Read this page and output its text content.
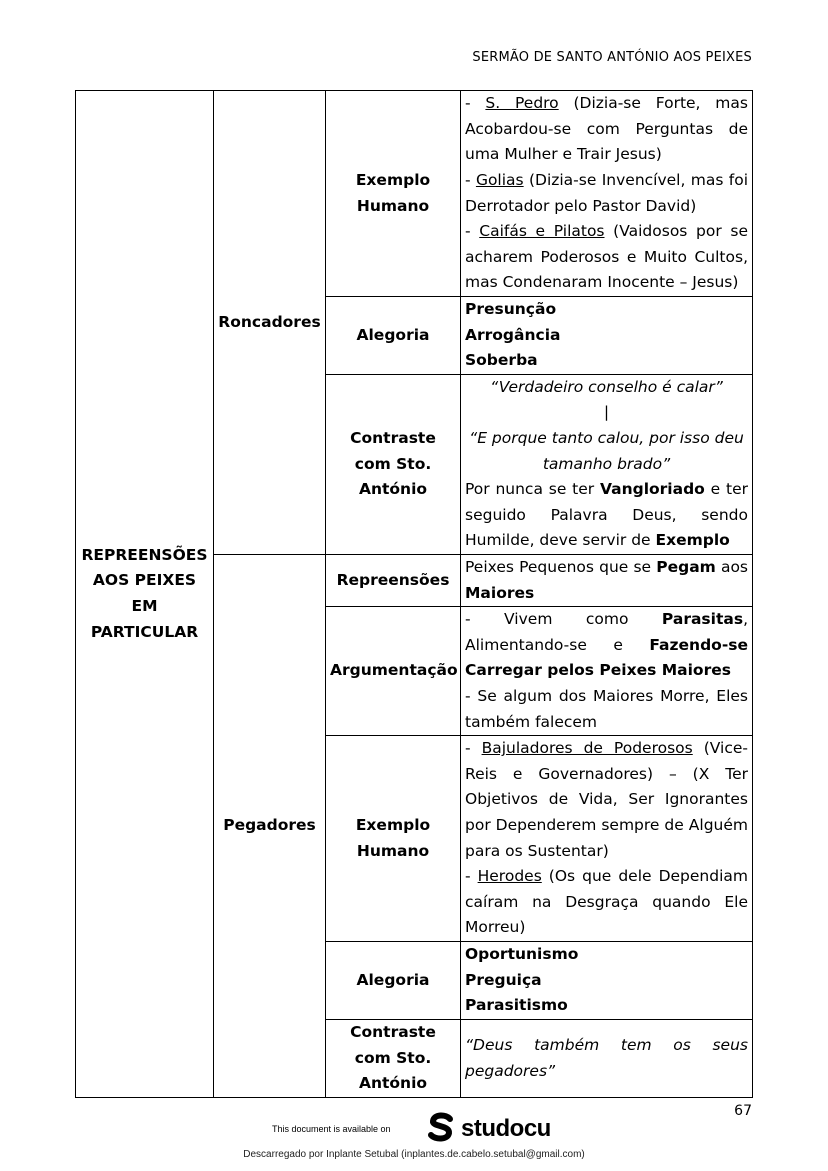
SERMÃO DE SANTO ANTÓNIO AOS PEIXES
REPREENSÕES AOS PEIXES EM PARTICULAR	Roncadores	Exemplo Humano	- S. Pedro (Dizia-se Forte, mas Acobardou-se com Perguntas de uma Mulher e Trair Jesus)
- Golias (Dizia-se Invencível, mas foi Derrotador pelo Pastor David)
- Caifás e Pilatos (Vaidosos por se acharem Poderosos e Muito Cultos, mas Condenaram Inocente – Jesus)

		Alegoria	Presunção
Arrogância
Soberba

		Contraste com Sto. António	“Verdadeiro conselho é calar”
|
“E porque tanto calou, por isso deu tamanho brado”
Por nunca se ter Vangloriado e ter seguido Palavra Deus, sendo Humilde, deve servir de Exemplo

	Pegadores	Repreensões	Peixes Pequenos que se Pegam aos Maiores
		Argumentação	- Vivem como Parasitas, Alimentando-se e Fazendo-se Carregar pelos Peixes Maiores
- Se algum dos Maiores Morre, Eles também falecem

		Exemplo Humano	- Bajuladores de Poderosos (Vice-Reis e Governadores) – (X Ter Objetivos de Vida, Ser Ignorantes por Dependerem sempre de Alguém para os Sustentar)
- Herodes (Os que dele Dependiam caíram na Desgraça quando Ele Morreu)

		Alegoria	Oportunismo
Preguiça
Parasitismo

		Contraste com Sto. António	“Deus também tem os seus pegadores”
67
This document is available on	studocu
Descarregado por Inplante Setubal (inplantes.de.cabelo.setubal@gmail.com)
